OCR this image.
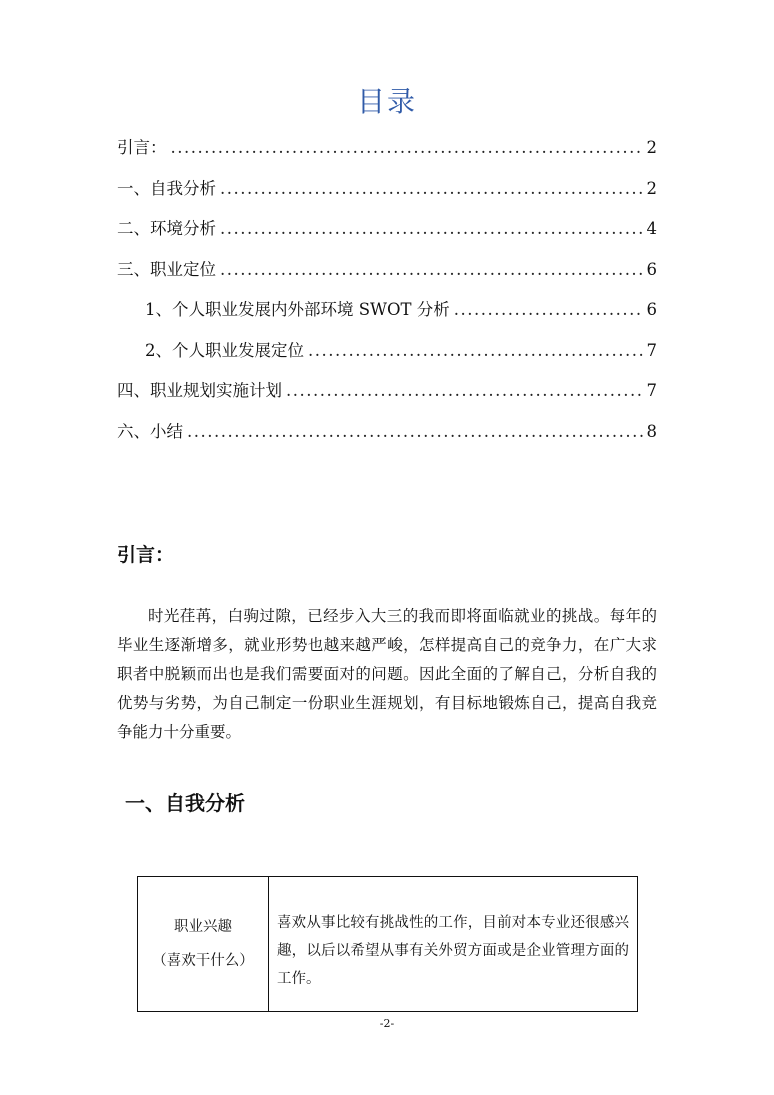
目录
引言： .....	2
一、自我分析 .....	2
二、环境分析 .....	4
三、职业定位 .....	6
1、个人职业发展内外部环境 SWOT 分析 .....	6
2、个人职业发展定位 .....	7
四、职业规划实施计划 .....	7
六、小结 .....	8
引言：

时光荏苒，白驹过隙，已经步入大三的我而即将面临就业的挑战。每年的毕业生逐渐增多，就业形势也越来越严峻，怎样提高自己的竞争力，在广大求职者中脱颖而出也是我们需要面对的问题。因此全面的了解自己，分析自我的优势与劣势，为自己制定一份职业生涯规划，有目标地锻炼自己，提高自我竞争能力十分重要。

一、自我分析
职业兴趣
（喜欢干什么）
	喜欢从事比较有挑战性的工作，目前对本专业还很感兴趣，以后以希望从事有关外贸方面或是企业管理方面的工作。
-2-
